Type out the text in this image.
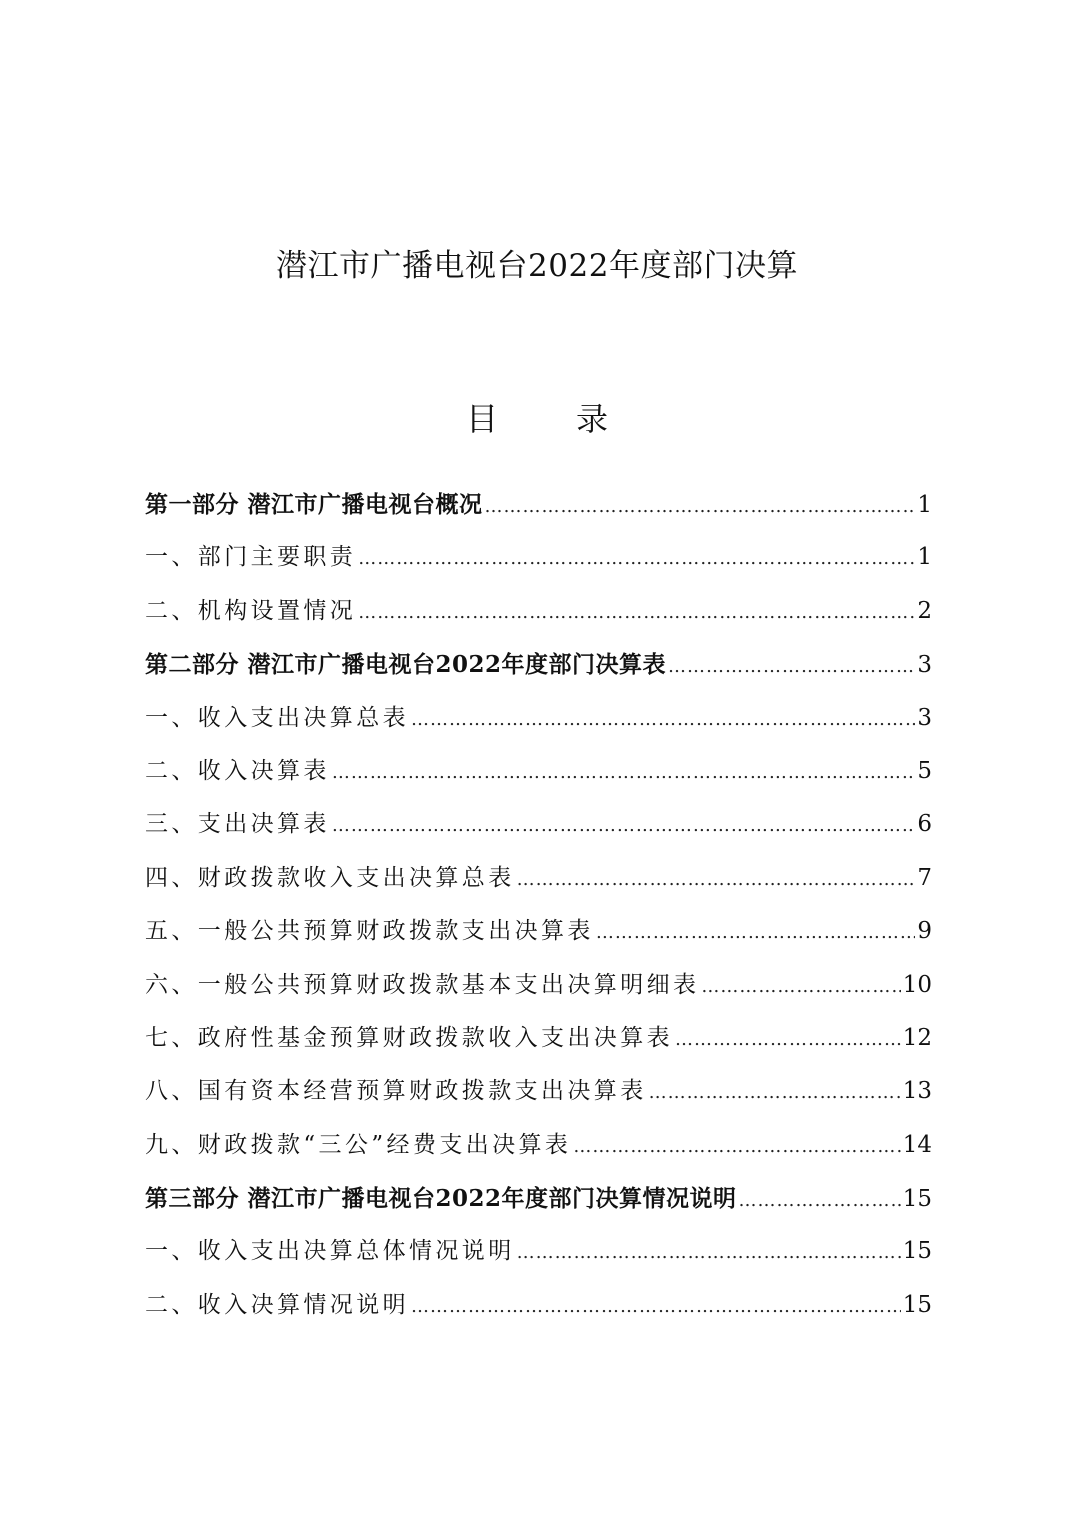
潜江市广播电视台2022年度部门决算
目录
第一部分 潜江市广播电视台概况 ………………………………………………………………………………………………………………………………………………	1
一、部门主要职责 ………………………………………………………………………………………………………………………………………………	1
二、机构设置情况 ………………………………………………………………………………………………………………………………………………	2
第二部分 潜江市广播电视台2022年度部门决算表 ………………………………………………………………………………………………………………………………………………	3
一、收入支出决算总表 ………………………………………………………………………………………………………………………………………………	3
二、收入决算表 ………………………………………………………………………………………………………………………………………………	5
三、支出决算表 ………………………………………………………………………………………………………………………………………………	6
四、财政拨款收入支出决算总表 ………………………………………………………………………………………………………………………………………………	7
五、一般公共预算财政拨款支出决算表 ………………………………………………………………………………………………………………………………………………	9
六、一般公共预算财政拨款基本支出决算明细表 ………………………………………………………………………………………………………………………………………………	10
七、政府性基金预算财政拨款收入支出决算表 ………………………………………………………………………………………………………………………………………………	12
八、国有资本经营预算财政拨款支出决算表 ………………………………………………………………………………………………………………………………………………	13
九、财政拨款“三公”经费支出决算表 ………………………………………………………………………………………………………………………………………………	14
第三部分 潜江市广播电视台2022年度部门决算情况说明 ………………………………………………………………………………………………………………………………………………	15
一、收入支出决算总体情况说明 ………………………………………………………………………………………………………………………………………………	15
二、收入决算情况说明 ………………………………………………………………………………………………………………………………………………	15
